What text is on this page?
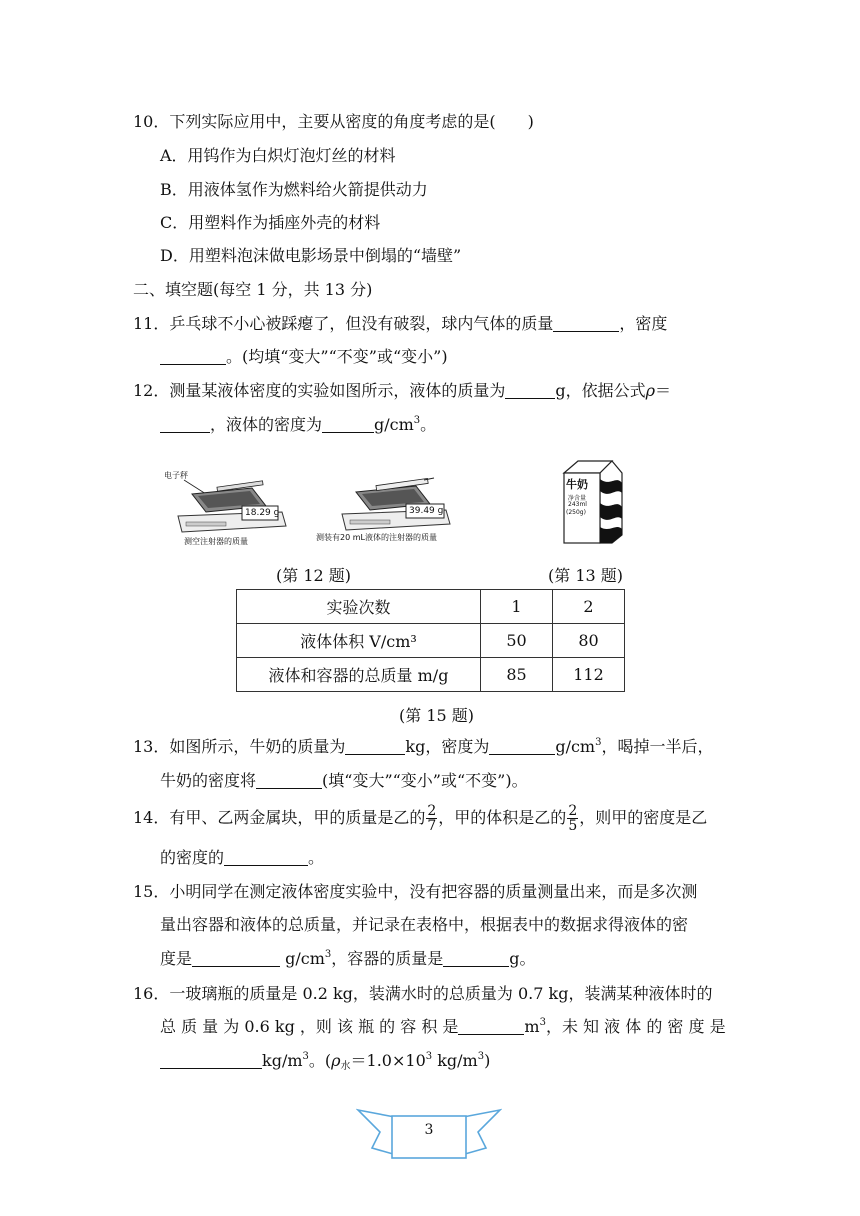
10．下列实际应用中，主要从密度的角度考虑的是(　　)
A．用钨作为白炽灯泡灯丝的材料
B．用液体氢作为燃料给火箭提供动力
C．用塑料作为插座外壳的材料
D．用塑料泡沫做电影场景中倒塌的“墙壁”
二、填空题(每空 1 分，共 13 分)
11．乒乓球不小心被踩瘪了，但没有破裂，球内气体的质量	，密度
。(均填“变大”“不变”或“变小”)
12．测量某液体密度的实验如图所示，液体的质量为	g，依据公式ρ＝
，液体的密度为	$g/cm^3$。
电子秤
18.29 g
测空注射器的质量
39.49 g
测装有20 mL液体的注射器的质量
牛奶
净含量
243ml
(250g)
(第 12 题)	(第 13 题)
实验次数	1	2
液体体积 V/cm³	50	80
液体和容器的总质量 m/g	85	112
(第 15 题)
13．如图所示，牛奶的质量为	kg，密度为	$g/cm^3$，喝掉一半后，
牛奶的密度将	(填“变大”“变小”或“不变”)。
14．有甲、乙两金属块，甲的质量是乙的 $\frac{2}{7}$ ，甲的体积是乙的 $\frac{2}{5}$ ，则甲的密度是乙
的密度的	。
15．小明同学在测定液体密度实验中，没有把容器的质量测量出来，而是多次测
量出容器和液体的总质量，并记录在表格中，根据表中的数据求得液体的密
度是	$g/cm^3$，容器的质量是	g。
16．一玻璃瓶的质量是 0.2 kg，装满水时的总质量为 0.7 kg，装满某种液体时的
总 质 量 为 0.6 kg ，则 该 瓶 的 容 积 是	$m^3$，未 知 液 体 的 密 度 是
$kg/m^3$。($\rho_水=1.0\times 10^3$ $kg/m^3$)
3
